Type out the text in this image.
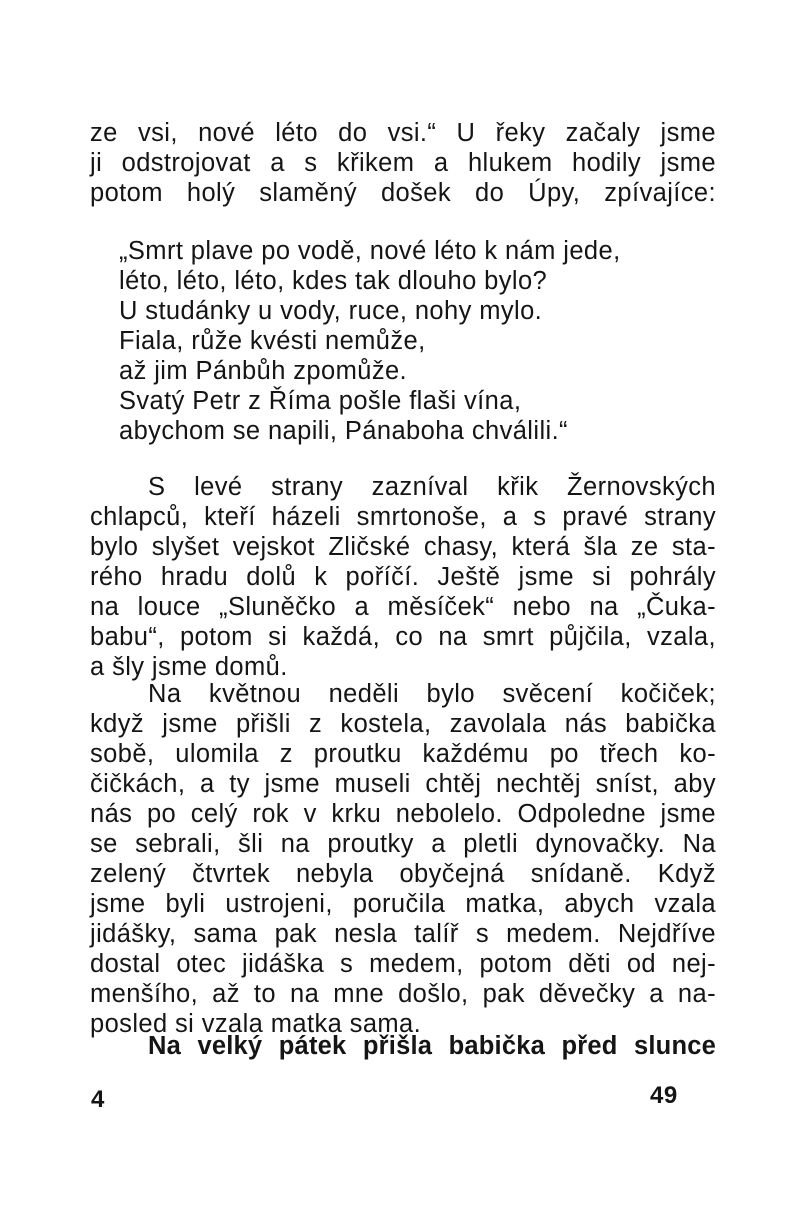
ze vsi, nové léto do vsi.“ U řeky začaly jsme
ji odstrojovat a s křikem a hlukem hodily jsme
potom holý slaměný došek do Úpy, zpívajíce:
„Smrt plave po vodě, nové léto k nám jede,
léto, léto, léto, kdes tak dlouho bylo?
U studánky u vody, ruce, nohy mylo.
Fiala, růže kvésti nemůže,
až jim Pánbůh zpomůže.
Svatý Petr z Říma pošle flaši vína,
abychom se napili, Pánaboha chválili.“
S levé strany zazníval křik Žernovských
chlapců, kteří házeli smrtonoše, a s pravé strany
bylo slyšet vejskot Zličské chasy, která šla ze sta-
rého hradu dolů k poříčí. Ještě jsme si pohrály
na louce „Sluněčko a měsíček“ nebo na „Čuka-
babu“, potom si každá, co na smrt půjčila, vzala,
a šly jsme domů.
Na květnou neděli bylo svěcení kočiček;
když jsme přišli z kostela, zavolala nás babička
sobě, ulomila z proutku každému po třech ko-
čičkách, a ty jsme museli chtěj nechtěj sníst, aby
nás po celý rok v krku nebolelo. Odpoledne jsme
se sebrali, šli na proutky a pletli dynovačky. Na
zelený čtvrtek nebyla obyčejná snídaně. Když
jsme byli ustrojeni, poručila matka, abych vzala
jidášky, sama pak nesla talíř s medem. Nejdříve
dostal otec jidáška s medem, potom děti od nej-
menšího, až to na mne došlo, pak děvečky a na-
posled si vzala matka sama.
Na velký pátek přišla babička před slunce
4	49
